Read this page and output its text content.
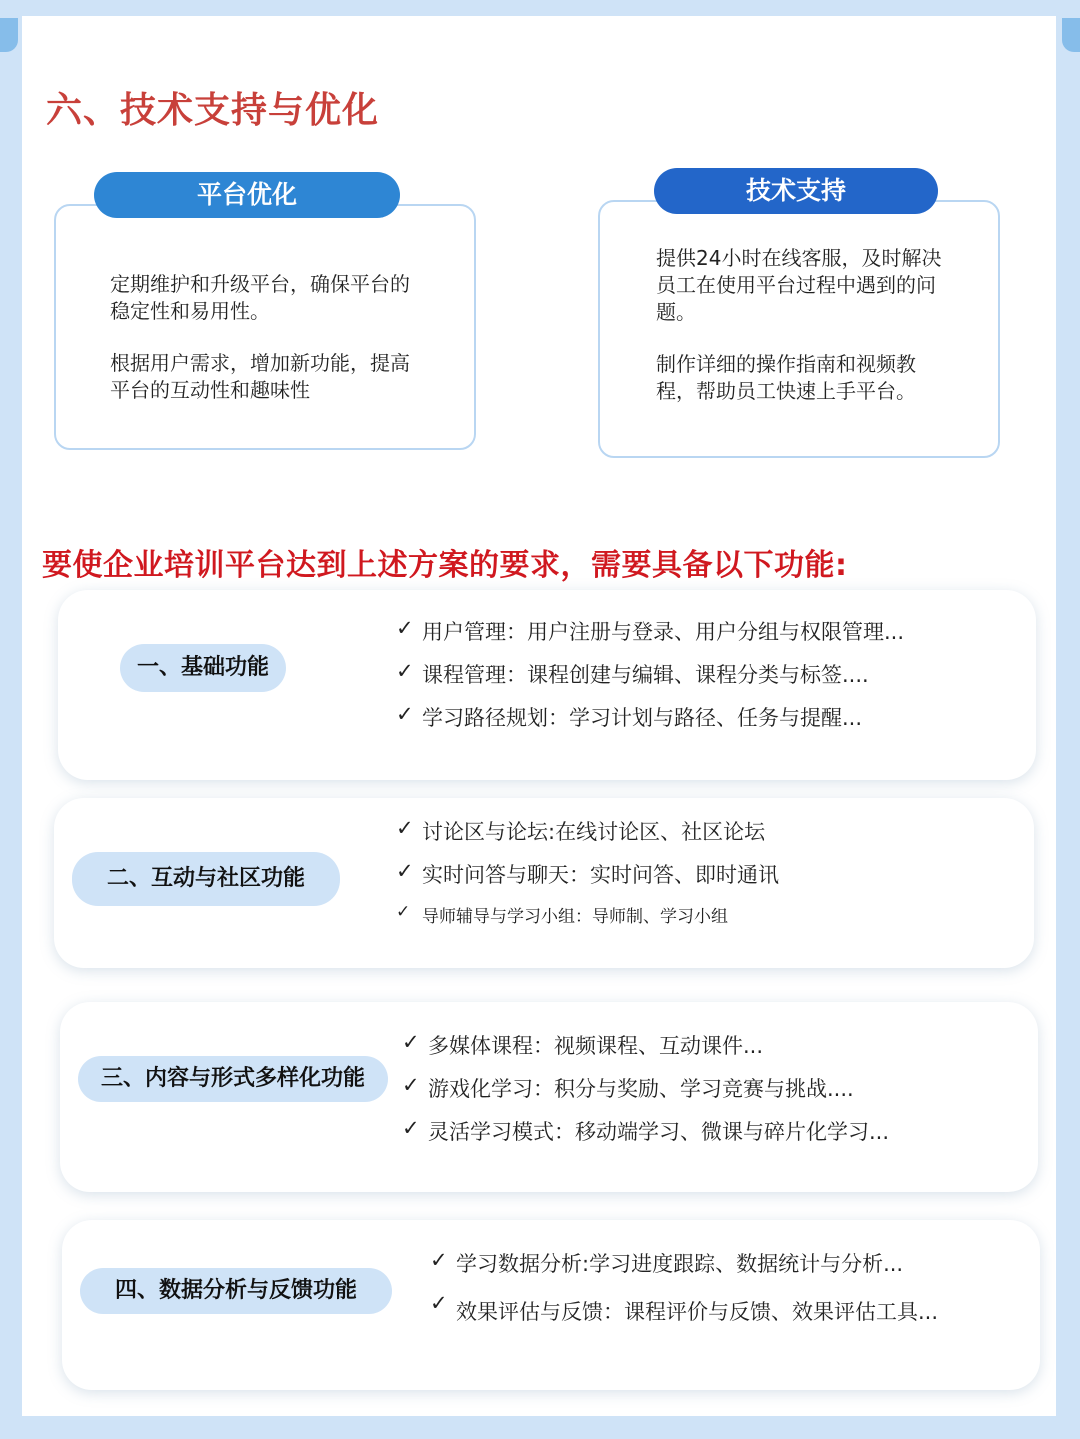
六、技术支持与优化
平台优化

定期维护和升级平台，确保平台的稳定性和易用性。

根据用户需求，增加新功能，提高平台的互动性和趣味性

技术支持

提供24小时在线客服，及时解决员工在使用平台过程中遇到的问题。

制作详细的操作指南和视频教程，帮助员工快速上手平台。

要使企业培训平台达到上述方案的要求，需要具备以下功能:
一、基础功能
✓ 用户管理：用户注册与登录、用户分组与权限管理...
✓ 课程管理：课程创建与编辑、课程分类与标签....
✓ 学习路径规划：学习计划与路径、任务与提醒...
二、互动与社区功能
✓ 讨论区与论坛:在线讨论区、社区论坛
✓ 实时问答与聊天：实时问答、即时通讯
✓ 导师辅导与学习小组：导师制、学习小组
三、内容与形式多样化功能
✓ 多媒体课程：视频课程、互动课件...
✓ 游戏化学习：积分与奖励、学习竞赛与挑战....
✓ 灵活学习模式：移动端学习、微课与碎片化学习...
四、数据分析与反馈功能
✓ 学习数据分析:学习进度跟踪、数据统计与分析...
✓ 效果评估与反馈：课程评价与反馈、效果评估工具...
